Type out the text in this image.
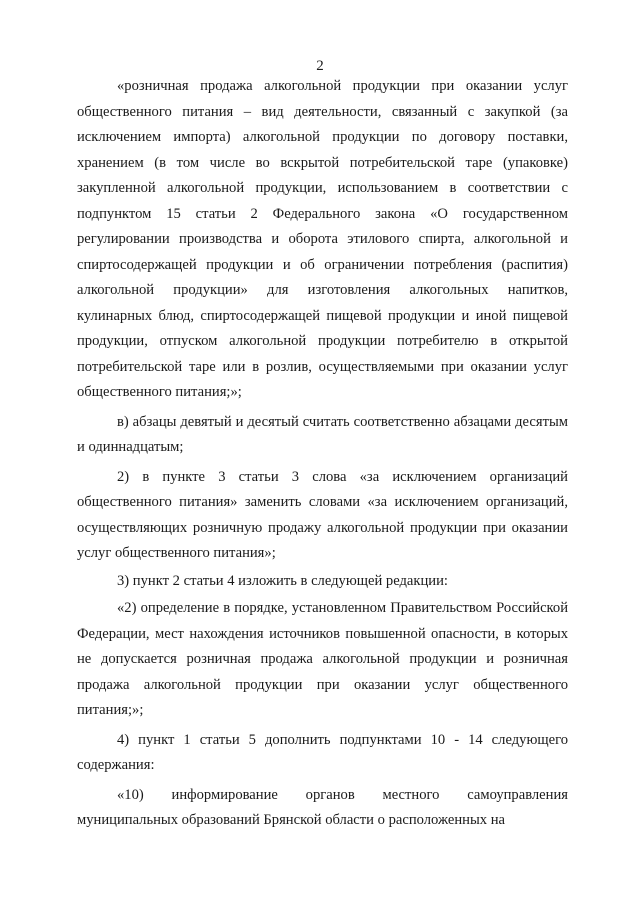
2

«розничная продажа алкогольной продукции при оказании услуг общественного питания – вид деятельности, связанный с закупкой (за исключением импорта) алкогольной продукции по договору поставки, хранением (в том числе во вскрытой потребительской таре (упаковке) закупленной алкогольной продукции, использованием в соответствии с подпунктом 15 статьи 2 Федерального закона «О государственном регулировании производства и оборота этилового спирта, алкогольной и спиртосодержащей продукции и об ограничении потребления (распития) алкогольной продукции» для изготовления алкогольных напитков, кулинарных блюд, спиртосодержащей пищевой продукции и иной пищевой продукции, отпуском алкогольной продукции потребителю в открытой потребительской таре или в розлив, осуществляемыми при оказании услуг общественного питания;»;

в) абзацы девятый и десятый считать соответственно абзацами десятым и одиннадцатым;

2) в пункте 3 статьи 3 слова «за исключением организаций общественного питания» заменить словами «за исключением организаций, осуществляющих розничную продажу алкогольной продукции при оказании услуг общественного питания»;

3) пункт 2 статьи 4 изложить в следующей редакции:

«2) определение в порядке, установленном Правительством Российской Федерации, мест нахождения источников повышенной опасности, в которых не допускается розничная продажа алкогольной продукции и розничная продажа алкогольной продукции при оказании услуг общественного питания;»;

4) пункт 1 статьи 5 дополнить подпунктами 10 - 14 следующего содержания:

«10) информирование органов местного самоуправления муниципальных образований Брянской области о расположенных на
